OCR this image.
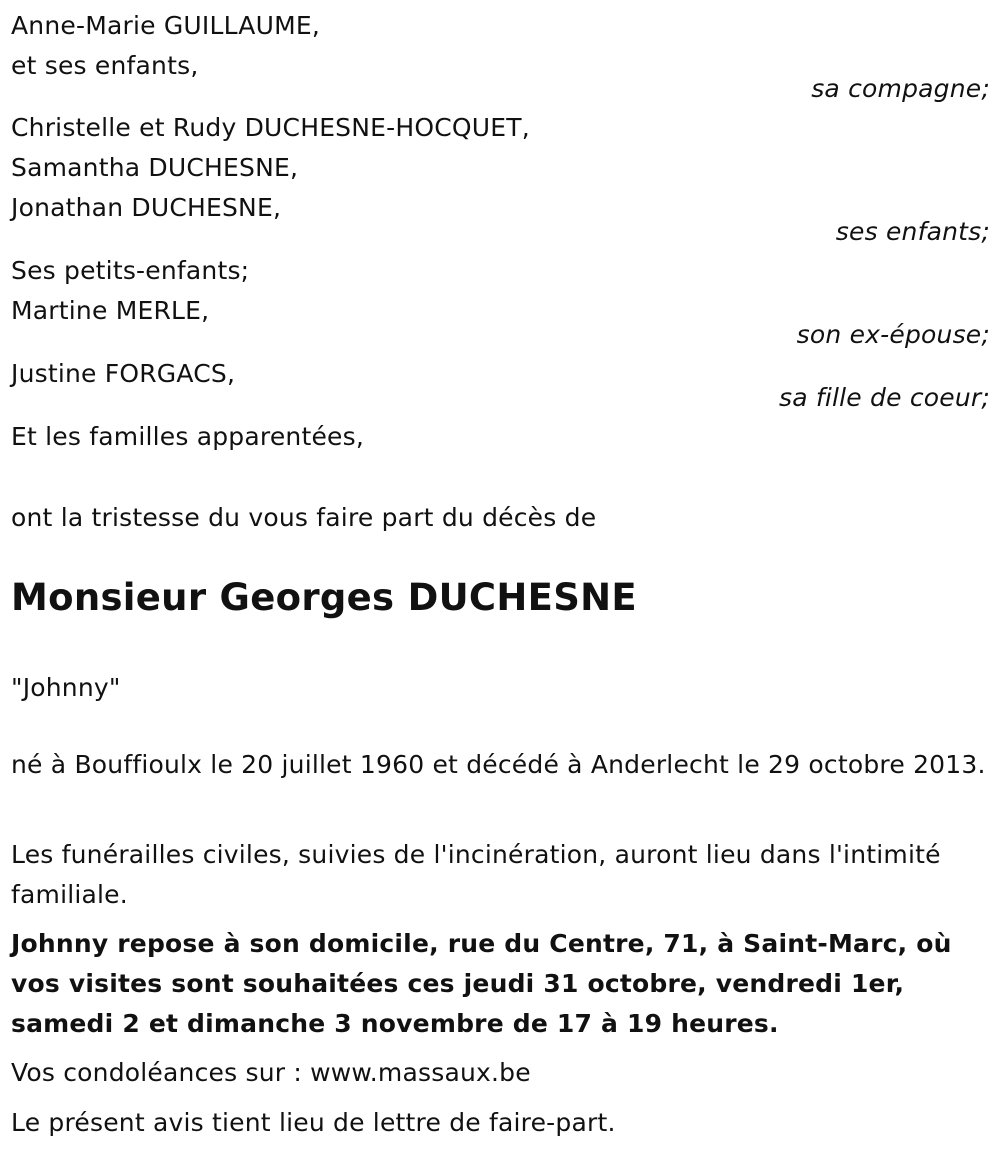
Anne-Marie GUILLAUME,
et ses enfants,
sa compagne;
Christelle et Rudy DUCHESNE-HOCQUET,
Samantha DUCHESNE,
Jonathan DUCHESNE,
ses enfants;
Ses petits-enfants;
Martine MERLE,
son ex-épouse;
Justine FORGACS,
sa fille de coeur;
Et les familles apparentées,
ont la tristesse du vous faire part du décès de
Monsieur Georges DUCHESNE
"Johnny"
né à Bouffioulx le 20 juillet 1960 et décédé à Anderlecht le 29 octobre 2013.
Les funérailles civiles, suivies de l'incinération, auront lieu dans l'intimité familiale.
Johnny repose à son domicile, rue du Centre, 71, à Saint-Marc, où vos visites sont souhaitées ces jeudi 31 octobre, vendredi 1er, samedi 2 et dimanche 3 novembre de 17 à 19 heures.
Vos condoléances sur : www.massaux.be
Le présent avis tient lieu de lettre de faire-part.
